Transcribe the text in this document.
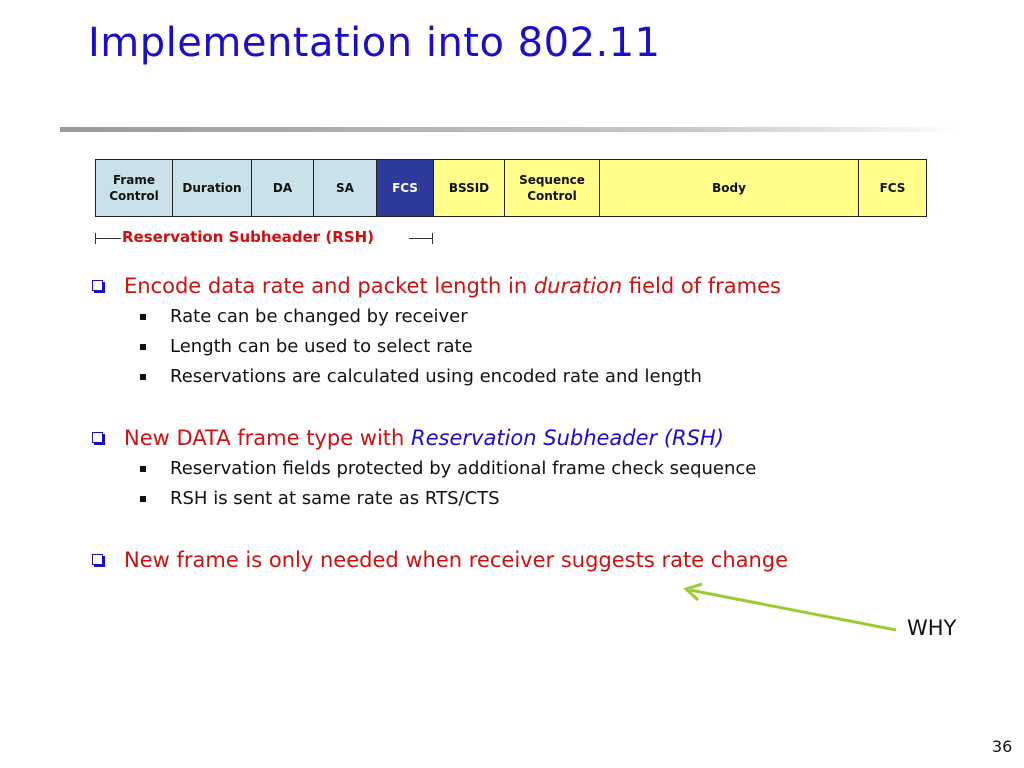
Implementation into 802.11
Frame
Control
Duration	DA	SA	FCS	BSSID
Sequence
Control
Body	FCS
Reservation Subheader (RSH)
Encode data rate and packet length in duration field of frames
Rate can be changed by receiver
Length can be used to select rate
Reservations are calculated using encoded rate and length
New DATA frame type with Reservation Subheader (RSH)
Reservation fields protected by additional frame check sequence
RSH is sent at same rate as RTS/CTS
New frame is only needed when receiver suggests rate change
WHY
36
